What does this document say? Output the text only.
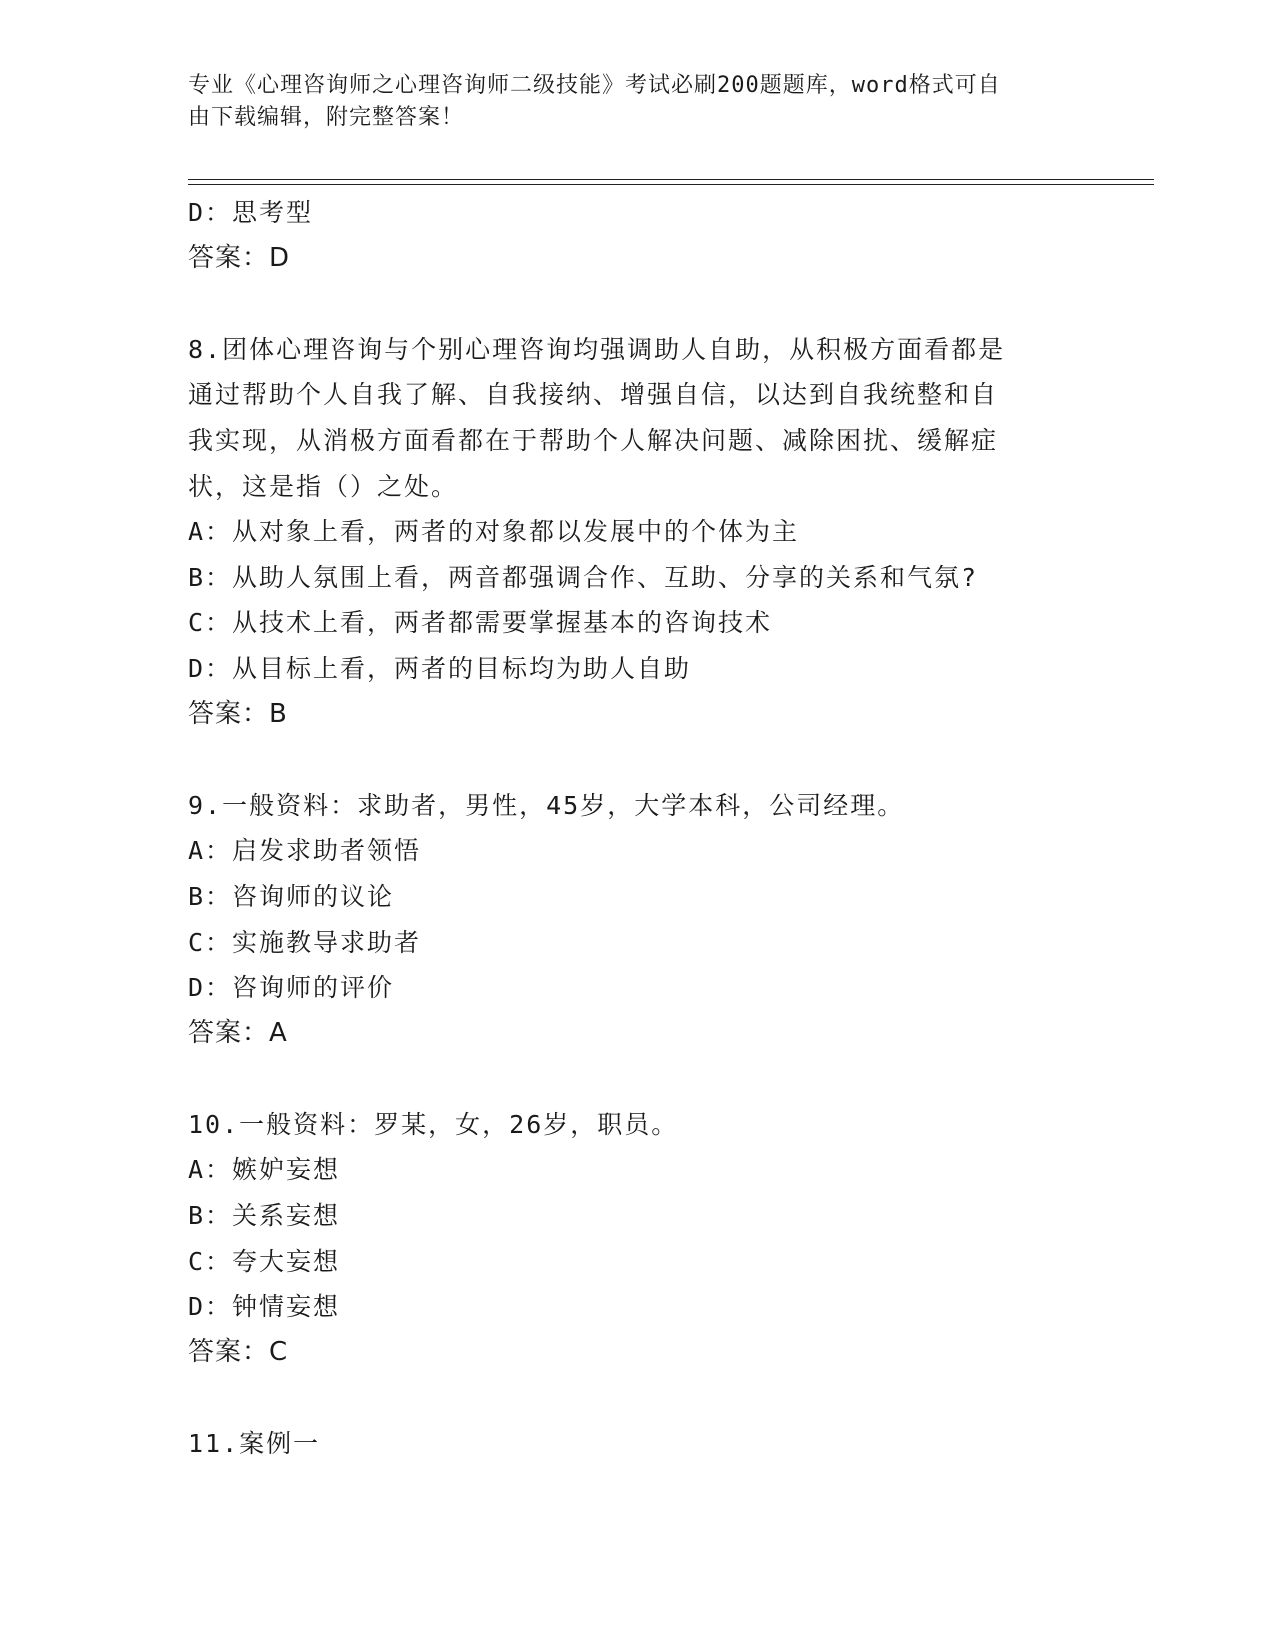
专业《心理咨询师之心理咨询师二级技能》考试必刷200题题库，word格式可自
由下载编辑，附完整答案！
D：思考型
答案：D
8.团体心理咨询与个别心理咨询均强调助人自助，从积极方面看都是
通过帮助个人自我了解、自我接纳、增强自信，以达到自我统整和自
我实现，从消极方面看都在于帮助个人解决问题、减除困扰、缓解症
状，这是指（）之处。
A：从对象上看，两者的对象都以发展中的个体为主
B：从助人氛围上看，两音都强调合作、互助、分享的关系和气氛?
C：从技术上看，两者都需要掌握基本的咨询技术
D：从目标上看，两者的目标均为助人自助
答案：B
9.一般资料：求助者，男性，45岁，大学本科，公司经理。
A：启发求助者领悟
B：咨询师的议论
C：实施教导求助者
D：咨询师的评价
答案：A
10.一般资料：罗某，女，26岁，职员。
A：嫉妒妄想
B：关系妄想
C：夸大妄想
D：钟情妄想
答案：C
11.案例一
